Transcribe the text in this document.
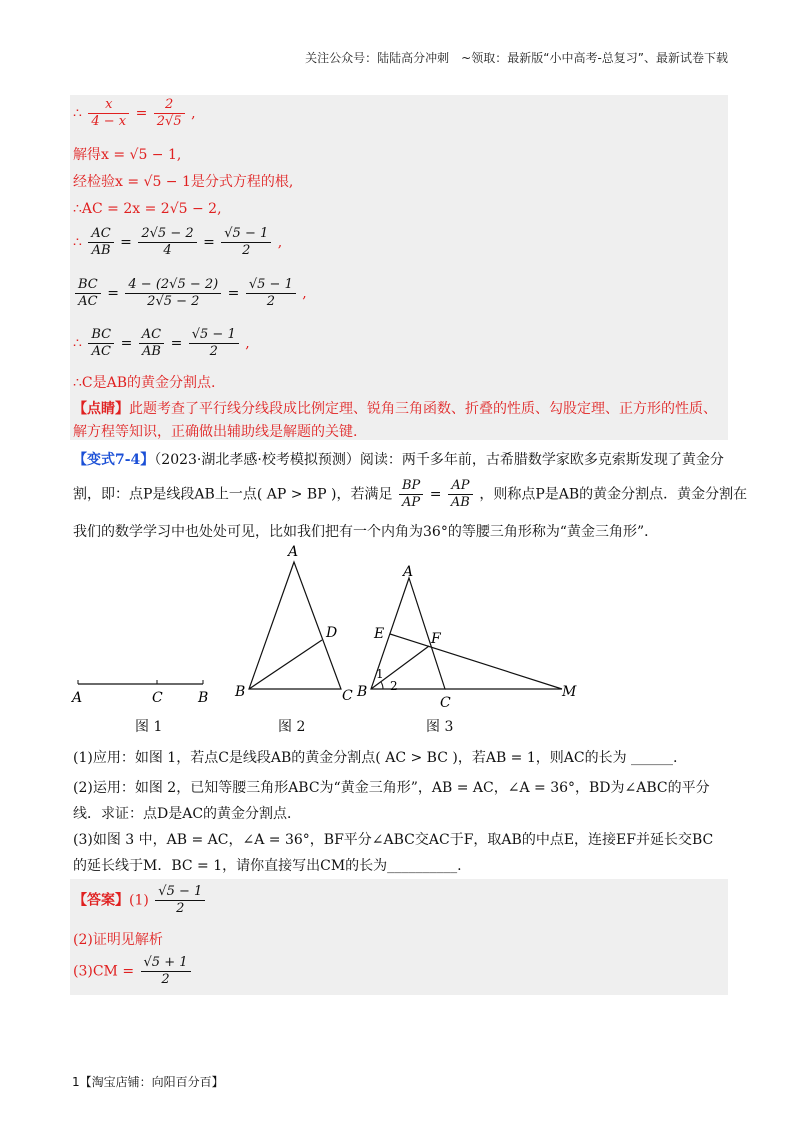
关注公众号：陆陆高分冲刺　~领取：最新版“小中高考-总复习”、最新试卷下载
∴ $\frac{x}{4 - x} = \frac{2}{2√5}$ ,
解得x = √5 − 1,
经检验x = √5 − 1是分式方程的根,
∴AC = 2x = 2√5 − 2,
∴ $\frac{AC}{AB} = \frac{2√5 - 2}{4} = \frac{√5 - 1}{2}$ ,
$\frac{BC}{AC} = \frac{4 - (2√5 - 2)}{2√5 - 2} = \frac{√5 - 1}{2}$ ,
∴ $\frac{BC}{AC} = \frac{AC}{AB} = \frac{√5 - 1}{2}$ ,
∴C是AB的黄金分割点.
【点睛】此题考查了平行线分线段成比例定理、锐角三角函数、折叠的性质、勾股定理、正方形的性质、
解方程等知识，正确做出辅助线是解题的关键.
【变式7-4】（2023·湖北孝感·校考模拟预测）阅读：两千多年前，古希腊数学家欧多克索斯发现了黄金分
割，即：点P是线段AB上一点( AP > BP )，若满足 $\frac{BP}{AP} = \frac{AP}{AB}$ ，则称点P是AB的黄金分割点．黄金分割在
我们的数学学习中也处处可见，比如我们把有一个内角为36°的等腰三角形称为“黄金三角形”．
A	C	B
A
B	C
D
A
B
C
E	F
M
1
2
图 1	图 2	图 3
(1)应用：如图 1，若点C是线段AB的黄金分割点( AC > BC )，若AB = 1，则AC的长为 ______.
(2)运用：如图 2，已知等腰三角形ABC为“黄金三角形”，AB = AC，∠A = 36°，BD为∠ABC的平分
线．求证：点D是AC的黄金分割点．
(3)如图 3 中，AB = AC，∠A = 36°，BF平分∠ABC交AC于F，取AB的中点E，连接EF并延长交BC
的延长线于M．BC = 1，请你直接写出CM的长为__________.
【答案】$(1) \frac{√5 - 1}{2}$
(2)证明见解析
$(3)CM = \frac{√5 + 1}{2}$
1【淘宝店铺：向阳百分百】
